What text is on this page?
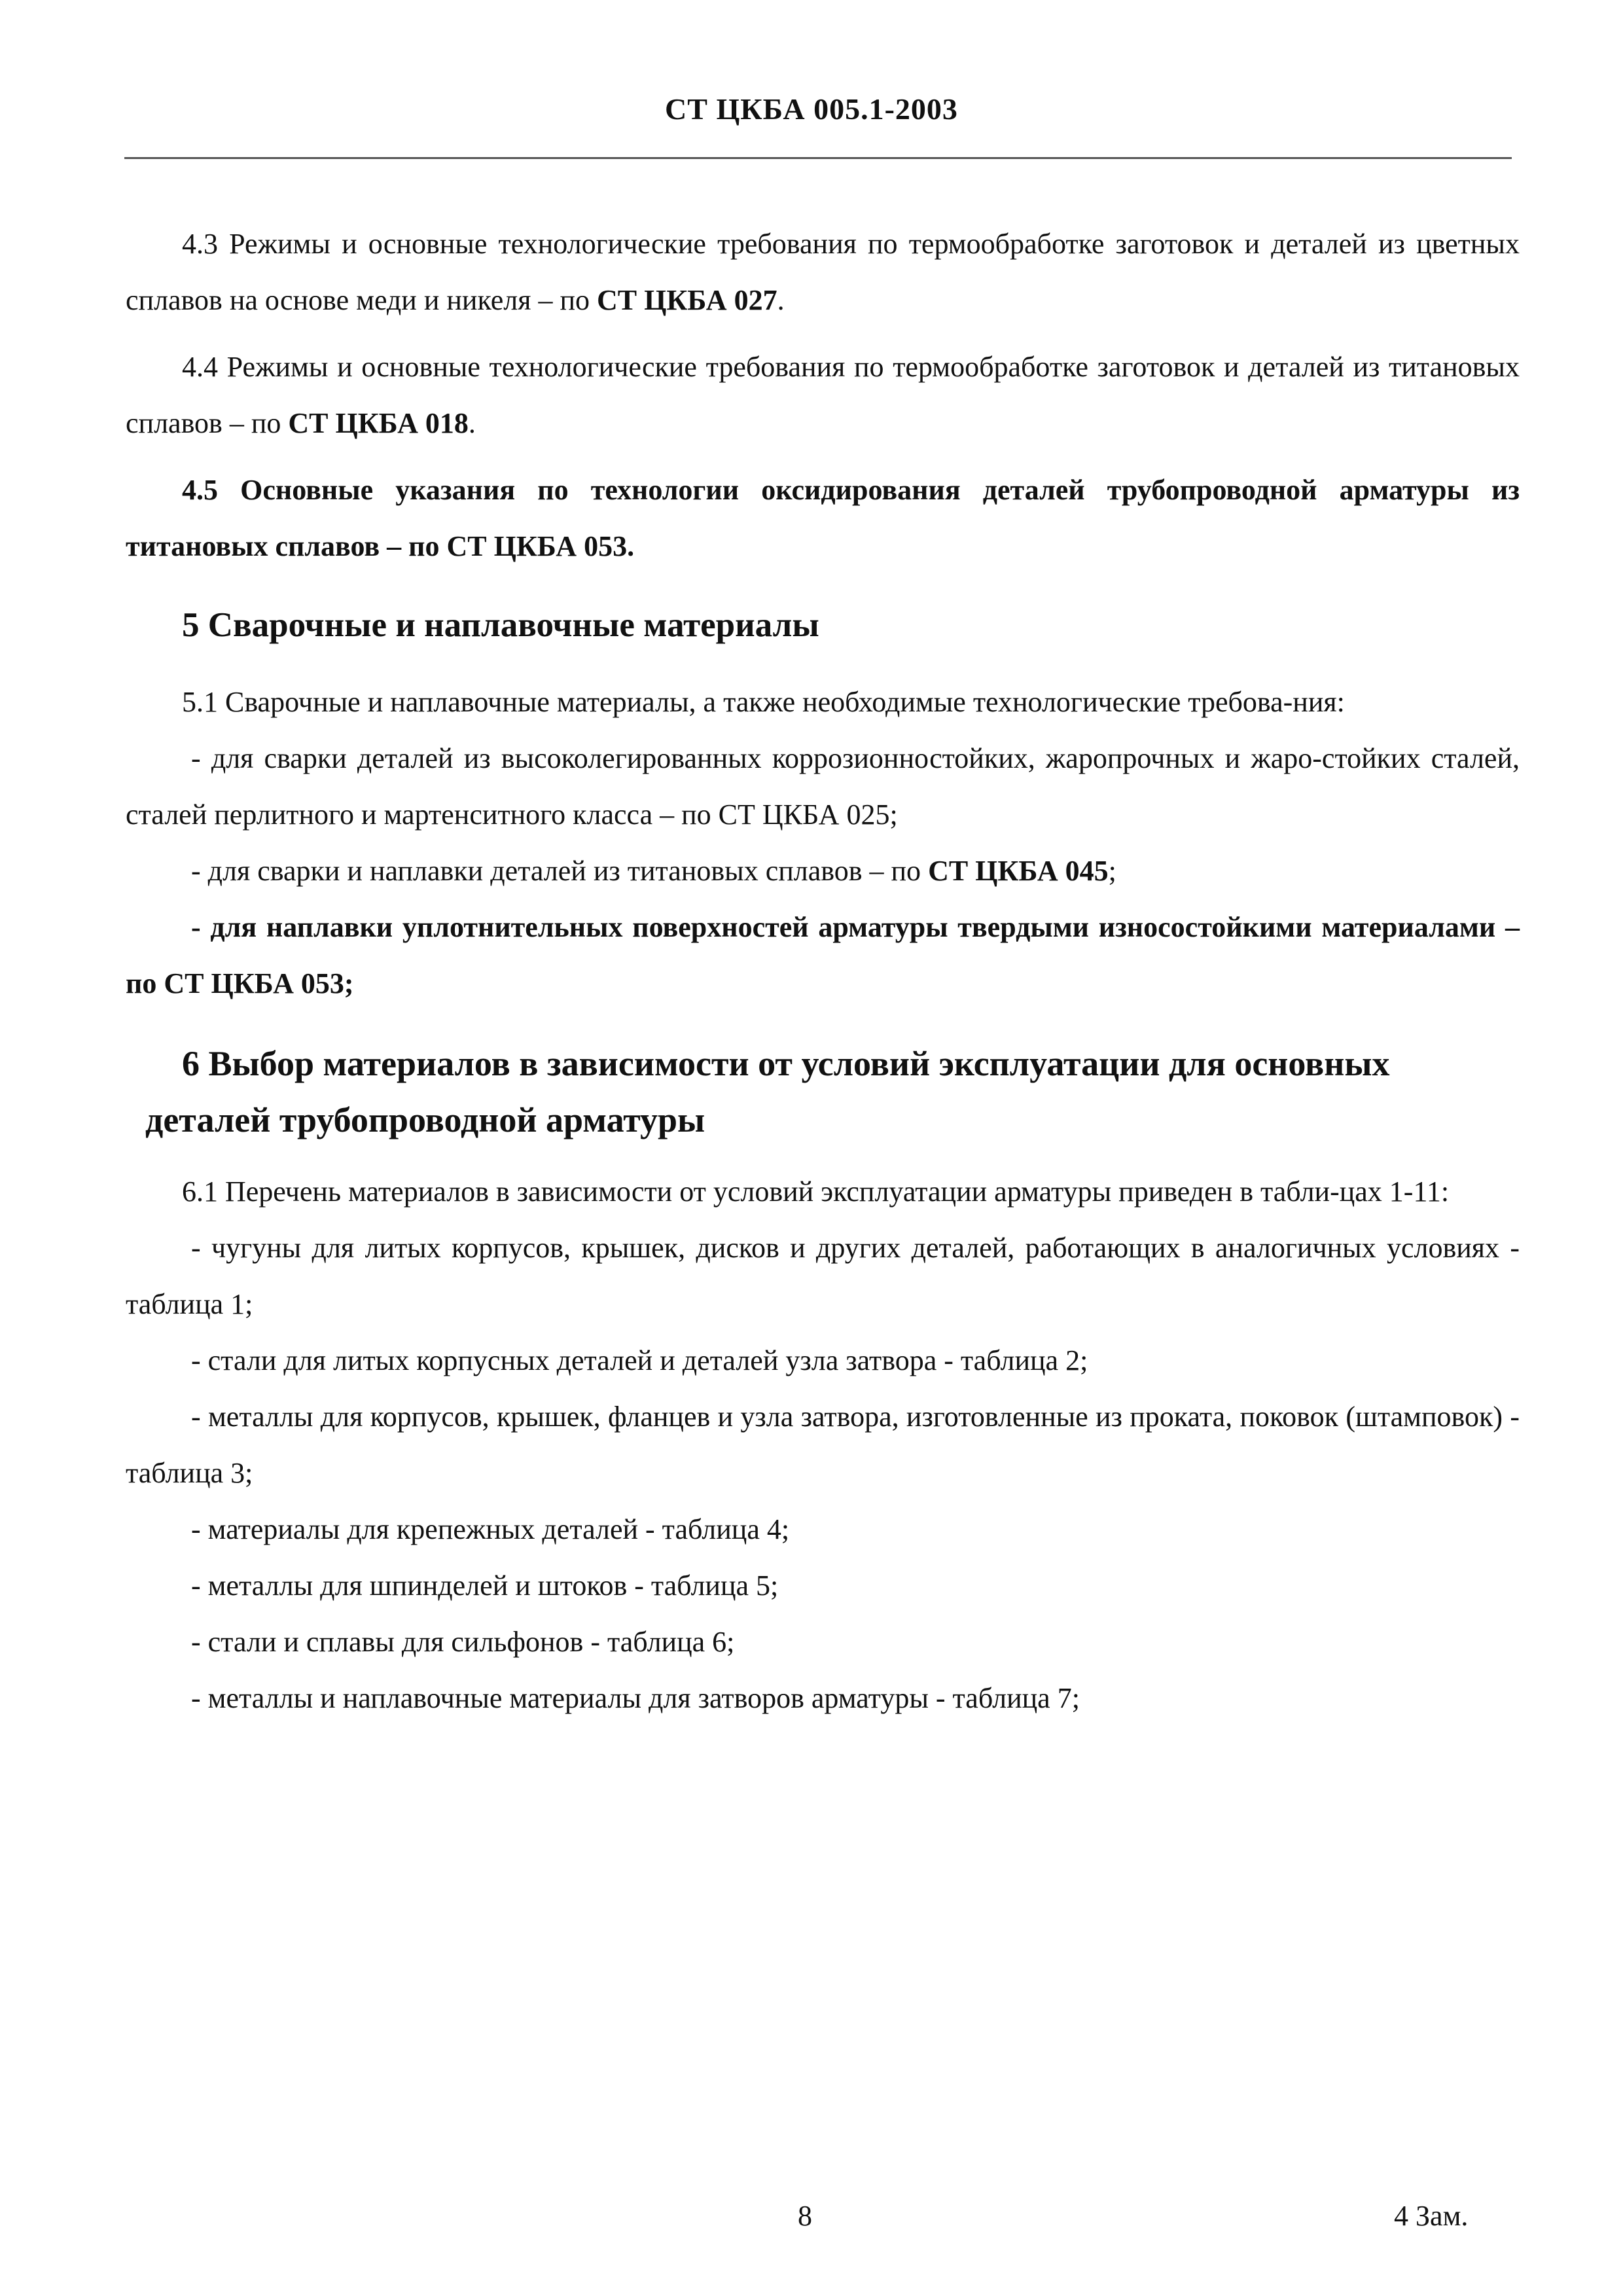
СТ ЦКБА 005.1-2003

4.3 Режимы и основные технологические требования по термообработке заготовок и деталей из цветных сплавов на основе меди и никеля – по СТ ЦКБА 027.

4.4 Режимы и основные технологические требования по термообработке заготовок и деталей из титановых сплавов – по СТ ЦКБА 018.

4.5 Основные указания по технологии оксидирования деталей трубопроводной арматуры из титановых сплавов – по СТ ЦКБА 053.

5 Сварочные и наплавочные материалы

5.1 Сварочные и наплавочные материалы, а также необходимые технологические требова-ния:

- для сварки деталей из высоколегированных коррозионностойких, жаропрочных и жаро-стойких сталей, сталей перлитного и мартенситного класса – по СТ ЦКБА 025;

- для сварки и наплавки деталей из титановых сплавов – по СТ ЦКБА 045;

- для наплавки уплотнительных поверхностей арматуры твердыми износостойкими материалами – по СТ ЦКБА 053;

6 Выбор материалов в зависимости от условий эксплуатации для основных
деталей трубопроводной арматуры

6.1 Перечень материалов в зависимости от условий эксплуатации арматуры приведен в табли-цах 1-11:

- чугуны для литых корпусов, крышек, дисков и других деталей, работающих в аналогичных условиях - таблица 1;

- стали для литых корпусных деталей и деталей узла затвора - таблица 2;

- металлы для корпусов, крышек, фланцев и узла затвора, изготовленные из проката, поковок (штамповок) - таблица 3;

- материалы для крепежных деталей - таблица 4;

- металлы для шпинделей и штоков - таблица 5;

- стали и сплавы для сильфонов - таблица 6;

- металлы и наплавочные материалы для затворов арматуры - таблица 7;

8	4 Зам.
